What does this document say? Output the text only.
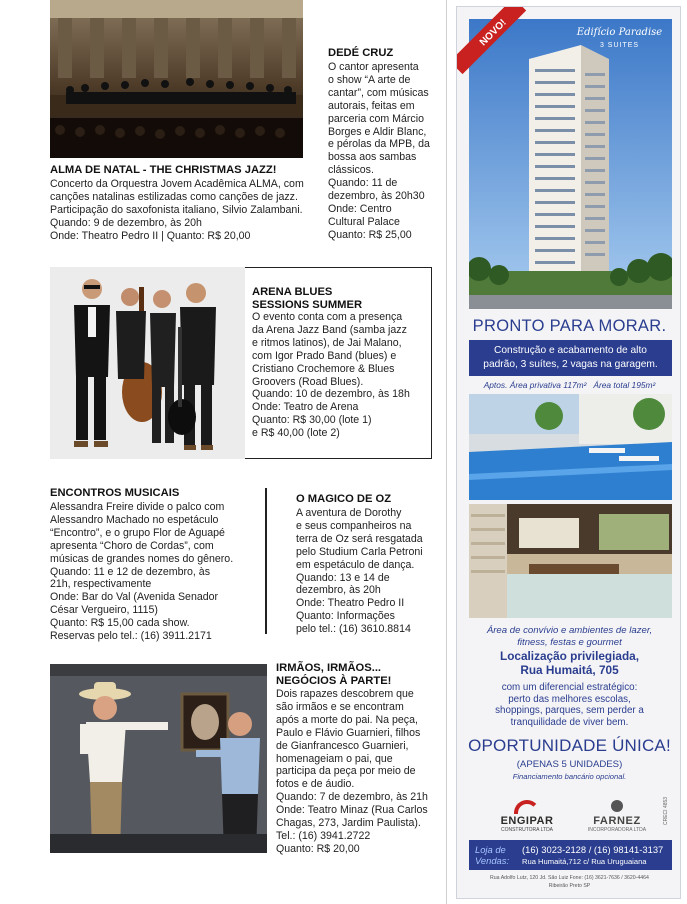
ALMA DE NATAL - THE CHRISTMAS JAZZ!
Concerto da Orquestra Jovem Acadêmica ALMA, com
canções natalinas estilizadas como canções de jazz.
Participação do saxofonista italiano, Silvio Zalambani.
Quando: 9 de dezembro, às 20h
Onde: Theatro Pedro II | Quanto: R$ 20,00
DEDÉ CRUZ
O cantor apresenta
o show “A arte de
cantar”, com músicas
autorais, feitas em
parceria com Márcio
Borges e Aldir Blanc,
e pérolas da MPB, da
bossa aos sambas
clássicos.
Quando: 11 de
dezembro, às 20h30
Onde: Centro
Cultural Palace
Quanto: R$ 25,00
ARENA BLUES
SESSIONS SUMMER
O evento conta com a presença
da Arena Jazz Band (samba jazz
e ritmos latinos), de Jai Malano,
com Igor Prado Band (blues) e
Cristiano Crochemore & Blues
Groovers (Road Blues).
Quando: 10 de dezembro, às 18h
Onde: Teatro de Arena
Quanto: R$ 30,00 (lote 1)
e R$ 40,00 (lote 2)
ENCONTROS MUSICAIS
Alessandra Freire divide o palco com
Alessandro Machado no espetáculo
“Encontro”, e o grupo Flor de Aguapé
apresenta “Choro de Cordas”, com
músicas de grandes nomes do gênero.
Quando: 11 e 12 de dezembro, às
21h, respectivamente
Onde: Bar do Val (Avenida Senador
César Vergueiro, 1115)
Quanto: R$ 15,00 cada show.
Reservas pelo tel.: (16) 3911.2171
O MAGICO DE OZ
A aventura de Dorothy
e seus companheiros na
terra de Oz será resgatada
pelo Studium Carla Petroni
em espetáculo de dança.
Quando: 13 e 14 de
dezembro, às 20h
Onde: Theatro Pedro II
Quanto: Informações
pelo tel.: (16) 3610.8814
IRMÃOS, IRMÃOS...
NEGÓCIOS À PARTE!
Dois rapazes descobrem que
são irmãos e se encontram
após a morte do pai. Na peça,
Paulo e Flávio Guarnieri, filhos
de Gianfrancesco Guarnieri,
homenageiam o pai, que
participa da peça por meio de
fotos e de áudio.
Quando: 7 de dezembro, às 21h
Onde: Teatro Minaz (Rua Carlos
Chagas, 273, Jardim Paulista).
Tel.: (16) 3941.2722
Quanto: R$ 20,00
NOVO!	Edifício Paradise
3 SUITES
PRONTO PARA MORAR.
Construção e acabamento de alto
padrão, 3 suítes, 2 vagas na garagem.
Aptos. Área privativa 117m²   Área total 195m²
Área de convívio e ambientes de lazer,
fitness, festas e gourmet
Localização privilegiada,
Rua Humaitá, 705
com um diferencial estratégico:
perto das melhores escolas,
shoppings, parques, sem perder a
tranquilidade de viver bem.
OPORTUNIDADE ÚNICA!
(APENAS 5 UNIDADES)
Financiamento bancário opcional.
ENGIPAR
CONSTRUTORA LTDA
FARNEZ
INCORPORADORA LTDA
CRECI 4853
Loja de
Vendas:
(16) 3023-2128 / (16) 98141-3137
Rua Humaitá,712 c/ Rua Uruguaiana
Rua Adolfo Lutz, 120 Jd. São Luiz Fone: (16) 3621-7636 / 3620-4464
Ribeirão Preto SP
